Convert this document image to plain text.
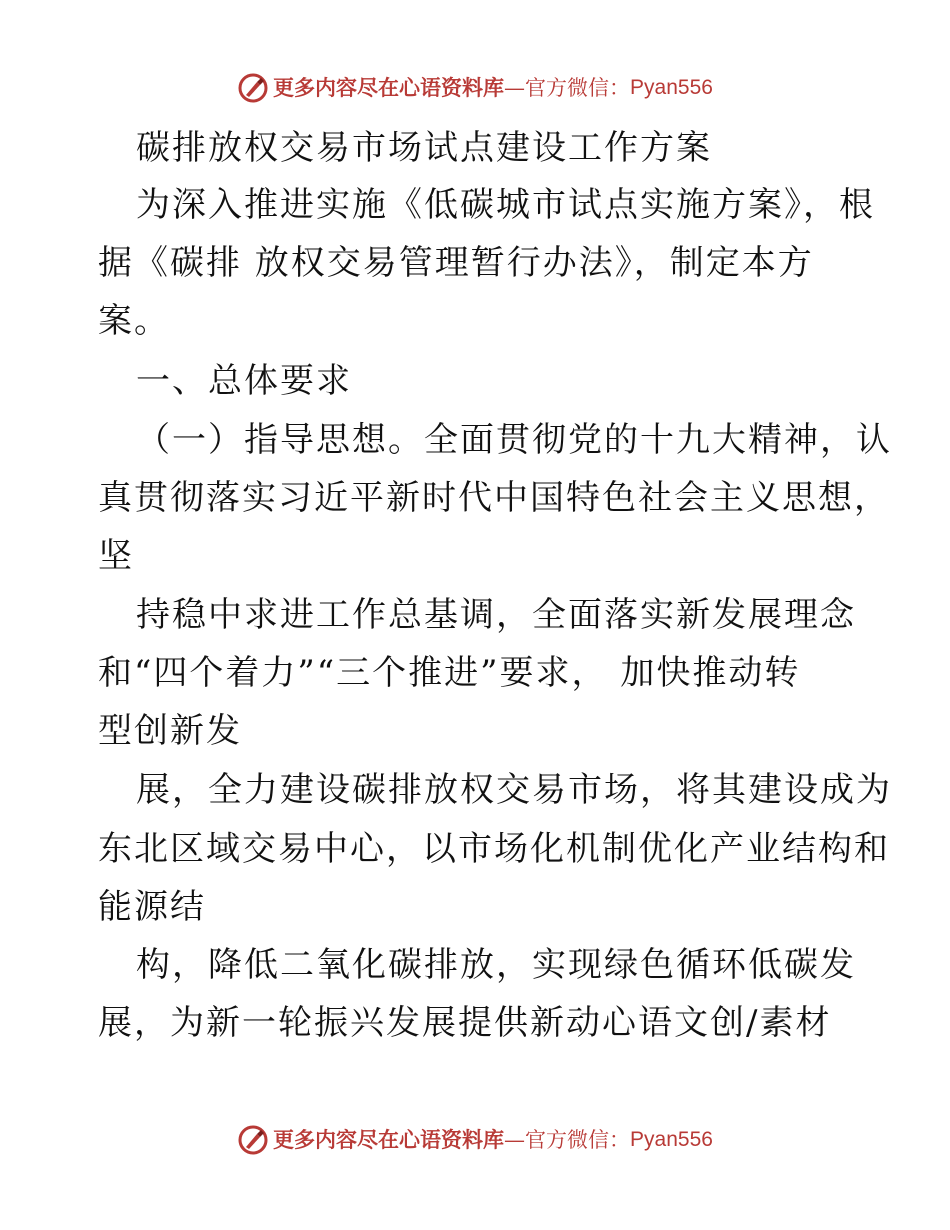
更多内容尽在心语资料库 — 官方微信： Pyan556
碳排放权交易市场试点建设工作方案
为深入推进实施《低碳城市试点实施方案》，根
据《碳排 放权交易管理暂行办法》，制定本方
案。
一、总体要求
（一）指导思想。全面贯彻党的十九大精神，认
真贯彻落实习近平新时代中国特色社会主义思想，
坚
持稳中求进工作总基调，全面落实新发展理念
和“四个着力”“三个推进”要求， 加快推动转
型创新发
展，全力建设碳排放权交易市场，将其建设成为
东北区域交易中心，以市场化机制优化产业结构和
能源结
构，降低二氧化碳排放，实现绿色循环低碳发
展，为新一轮振兴发展提供新动心语文创/素材
更多内容尽在心语资料库 — 官方微信： Pyan556
